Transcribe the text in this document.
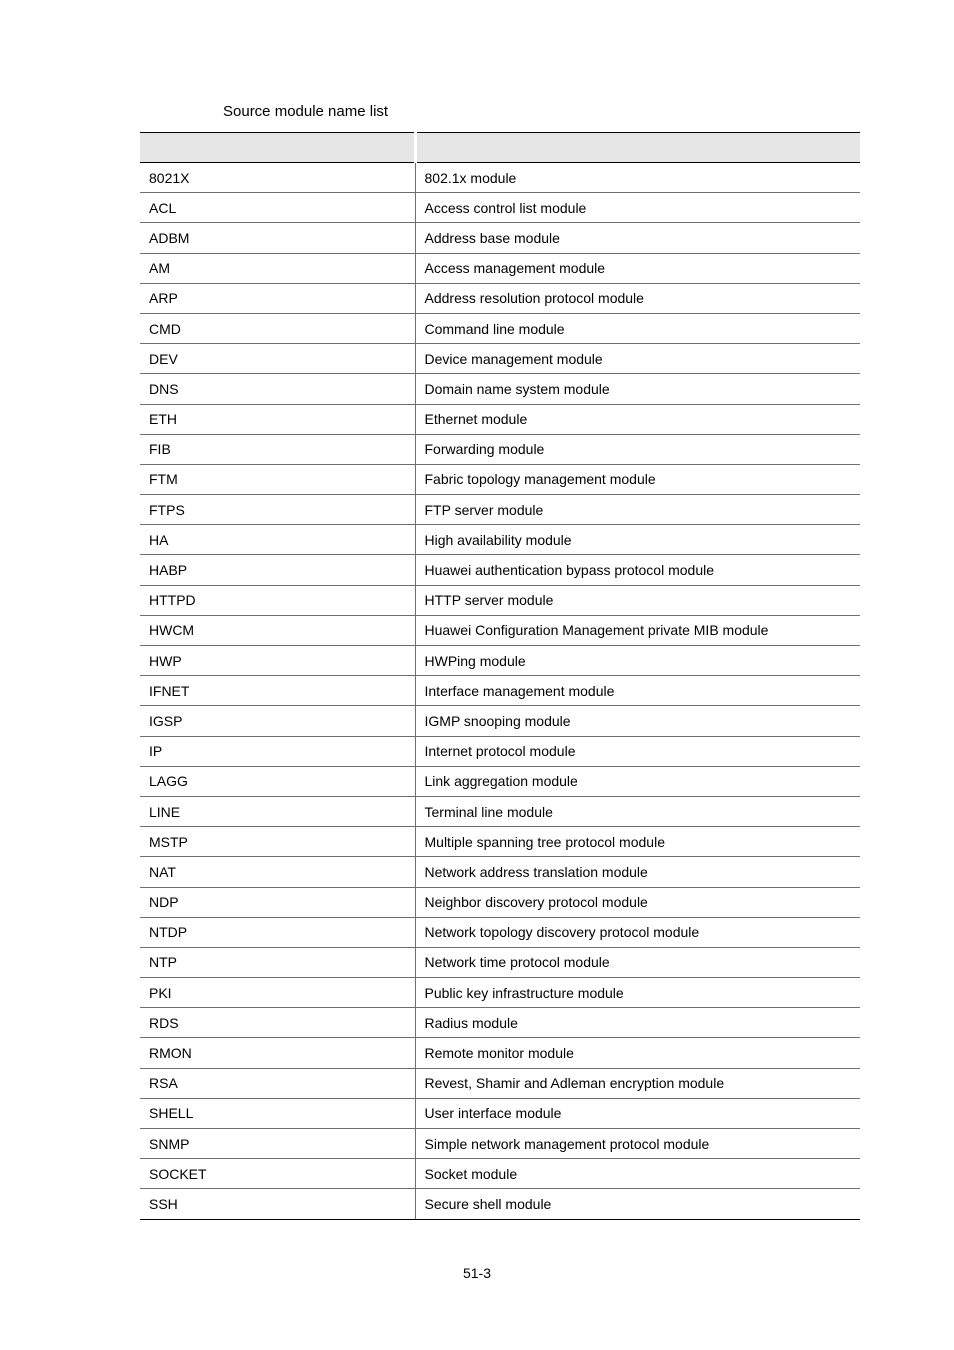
Source module name list

8021X	802.1x module
ACL	Access control list module
ADBM	Address base module
AM	Access management module
ARP	Address resolution protocol module
CMD	Command line module
DEV	Device management module
DNS	Domain name system module
ETH	Ethernet module
FIB	Forwarding module
FTM	Fabric topology management module
FTPS	FTP server module
HA	High availability module
HABP	Huawei authentication bypass protocol module
HTTPD	HTTP server module
HWCM	Huawei Configuration Management private MIB module
HWP	HWPing module
IFNET	Interface management module
IGSP	IGMP snooping module
IP	Internet protocol module
LAGG	Link aggregation module
LINE	Terminal line module
MSTP	Multiple spanning tree protocol module
NAT	Network address translation module
NDP	Neighbor discovery protocol module
NTDP	Network topology discovery protocol module
NTP	Network time protocol module
PKI	Public key infrastructure module
RDS	Radius module
RMON	Remote monitor module
RSA	Revest, Shamir and Adleman encryption module
SHELL	User interface module
SNMP	Simple network management protocol module
SOCKET	Socket module
SSH	Secure shell module
51-3
